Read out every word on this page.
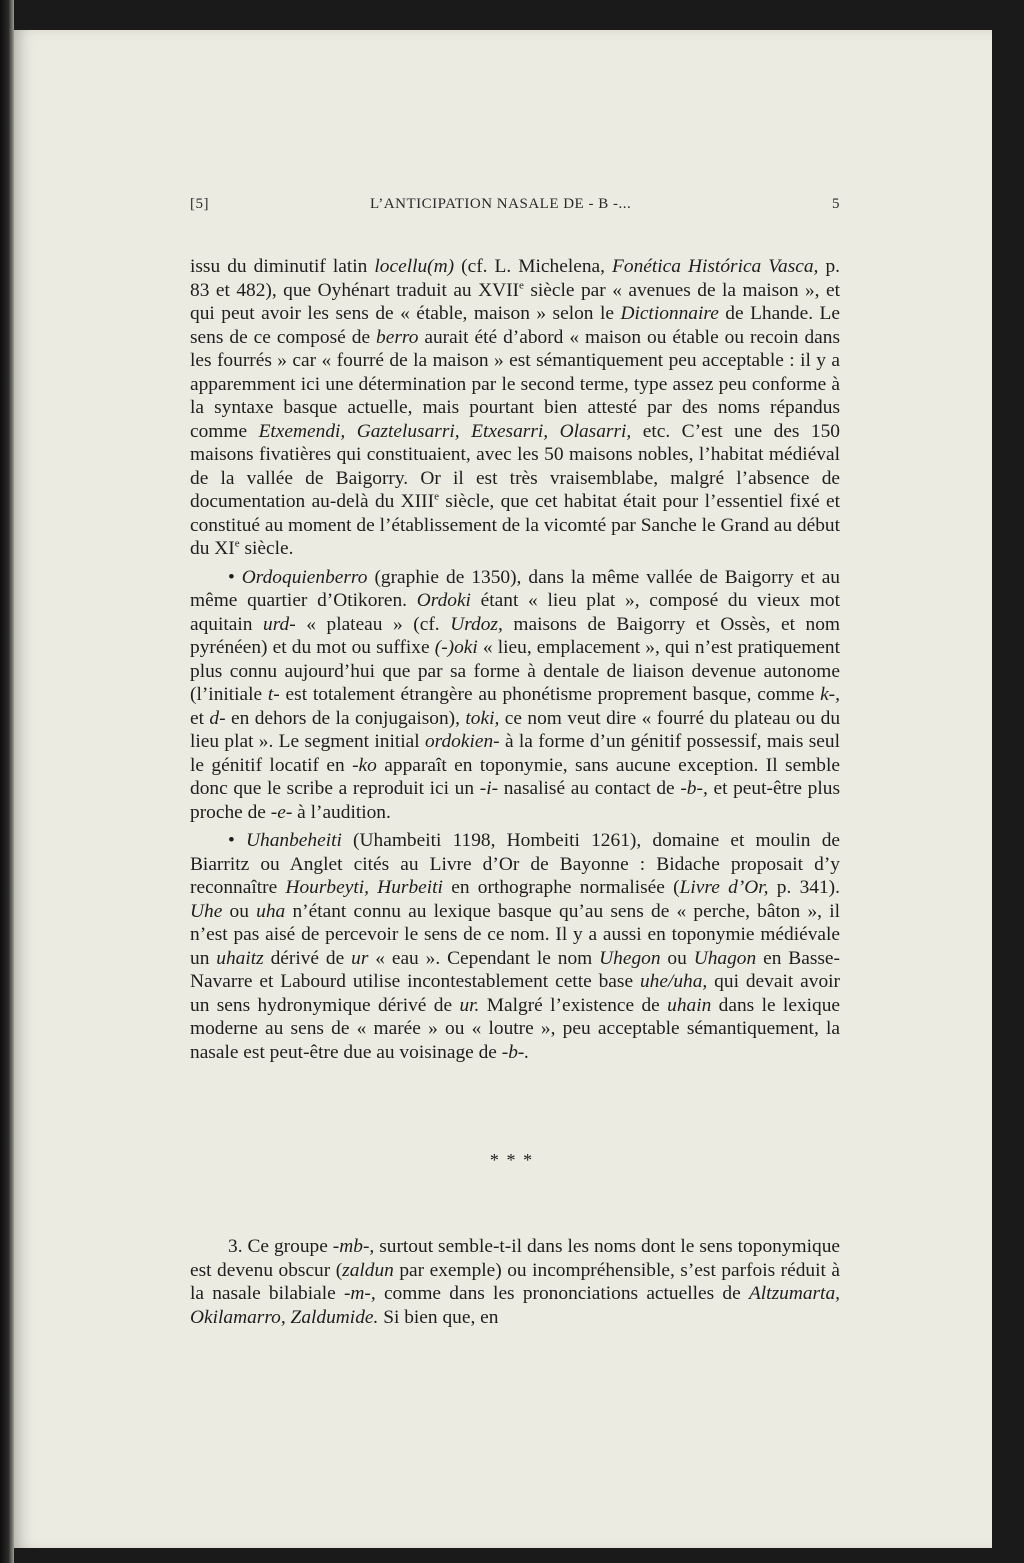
[5]	L’ANTICIPATION NASALE DE - B -...	5

issu du diminutif latin locellu(m) (cf. L. Michelena, Fonética Histórica Vasca, p. 83 et 482), que Oyhénart traduit au XVIIe siècle par « avenues de la maison », et qui peut avoir les sens de « étable, maison » selon le Dictionnaire de Lhande. Le sens de ce composé de berro aurait été d’abord « maison ou étable ou recoin dans les fourrés » car « fourré de la maison » est sémantiquement peu acceptable : il y a apparemment ici une détermination par le second terme, type assez peu conforme à la syntaxe basque actuelle, mais pourtant bien attesté par des noms répandus comme Etxemendi, Gaztelusarri, Etxesarri, Olasarri, etc. C’est une des 150 maisons fivatières qui constituaient, avec les 50 maisons nobles, l’habitat médiéval de la vallée de Baigorry. Or il est très vraisemblabe, malgré l’absence de documentation au-delà du XIIIe siècle, que cet habitat était pour l’essentiel fixé et constitué au moment de l’établissement de la vicomté par Sanche le Grand au début du XIe siècle.

• Ordoquienberro (graphie de 1350), dans la même vallée de Baigorry et au même quartier d’Otikoren. Ordoki étant « lieu plat », composé du vieux mot aquitain urd- « plateau » (cf. Urdoz, maisons de Baigorry et Ossès, et nom pyrénéen) et du mot ou suffixe (-)oki « lieu, emplacement », qui n’est pratiquement plus connu aujourd’hui que par sa forme à dentale de liaison devenue autonome (l’initiale t- est totalement étrangère au phonétisme proprement basque, comme k-, et d- en dehors de la conjugaison), toki, ce nom veut dire « fourré du plateau ou du lieu plat ». Le segment initial ordokien- à la forme d’un génitif possessif, mais seul le génitif locatif en -ko apparaît en toponymie, sans aucune exception. Il semble donc que le scribe a reproduit ici un -i- nasalisé au contact de -b-, et peut-être plus proche de -e- à l’audition.

• Uhanbeheiti (Uhambeiti 1198, Hombeiti 1261), domaine et moulin de Biarritz ou Anglet cités au Livre d’Or de Bayonne : Bidache proposait d’y reconnaître Hourbeyti, Hurbeiti en orthographe normalisée (Livre d’Or, p. 341). Uhe ou uha n’étant connu au lexique basque qu’au sens de « perche, bâton », il n’est pas aisé de percevoir le sens de ce nom. Il y a aussi en toponymie médiévale un uhaitz dérivé de ur « eau ». Cependant le nom Uhegon ou Uhagon en Basse-Navarre et Labourd utilise incontestablement cette base uhe/uha, qui devait avoir un sens hydronymique dérivé de ur. Malgré l’existence de uhain dans le lexique moderne au sens de « marée » ou « loutre », peu acceptable sémantiquement, la nasale est peut-être due au voisinage de -b-.

* * *

3. Ce groupe -mb-, surtout semble-t-il dans les noms dont le sens toponymique est devenu obscur (zaldun par exemple) ou incompréhensible, s’est parfois réduit à la nasale bilabiale -m-, comme dans les prononciations actuelles de Altzumarta, Okilamarro, Zaldumide. Si bien que, en
